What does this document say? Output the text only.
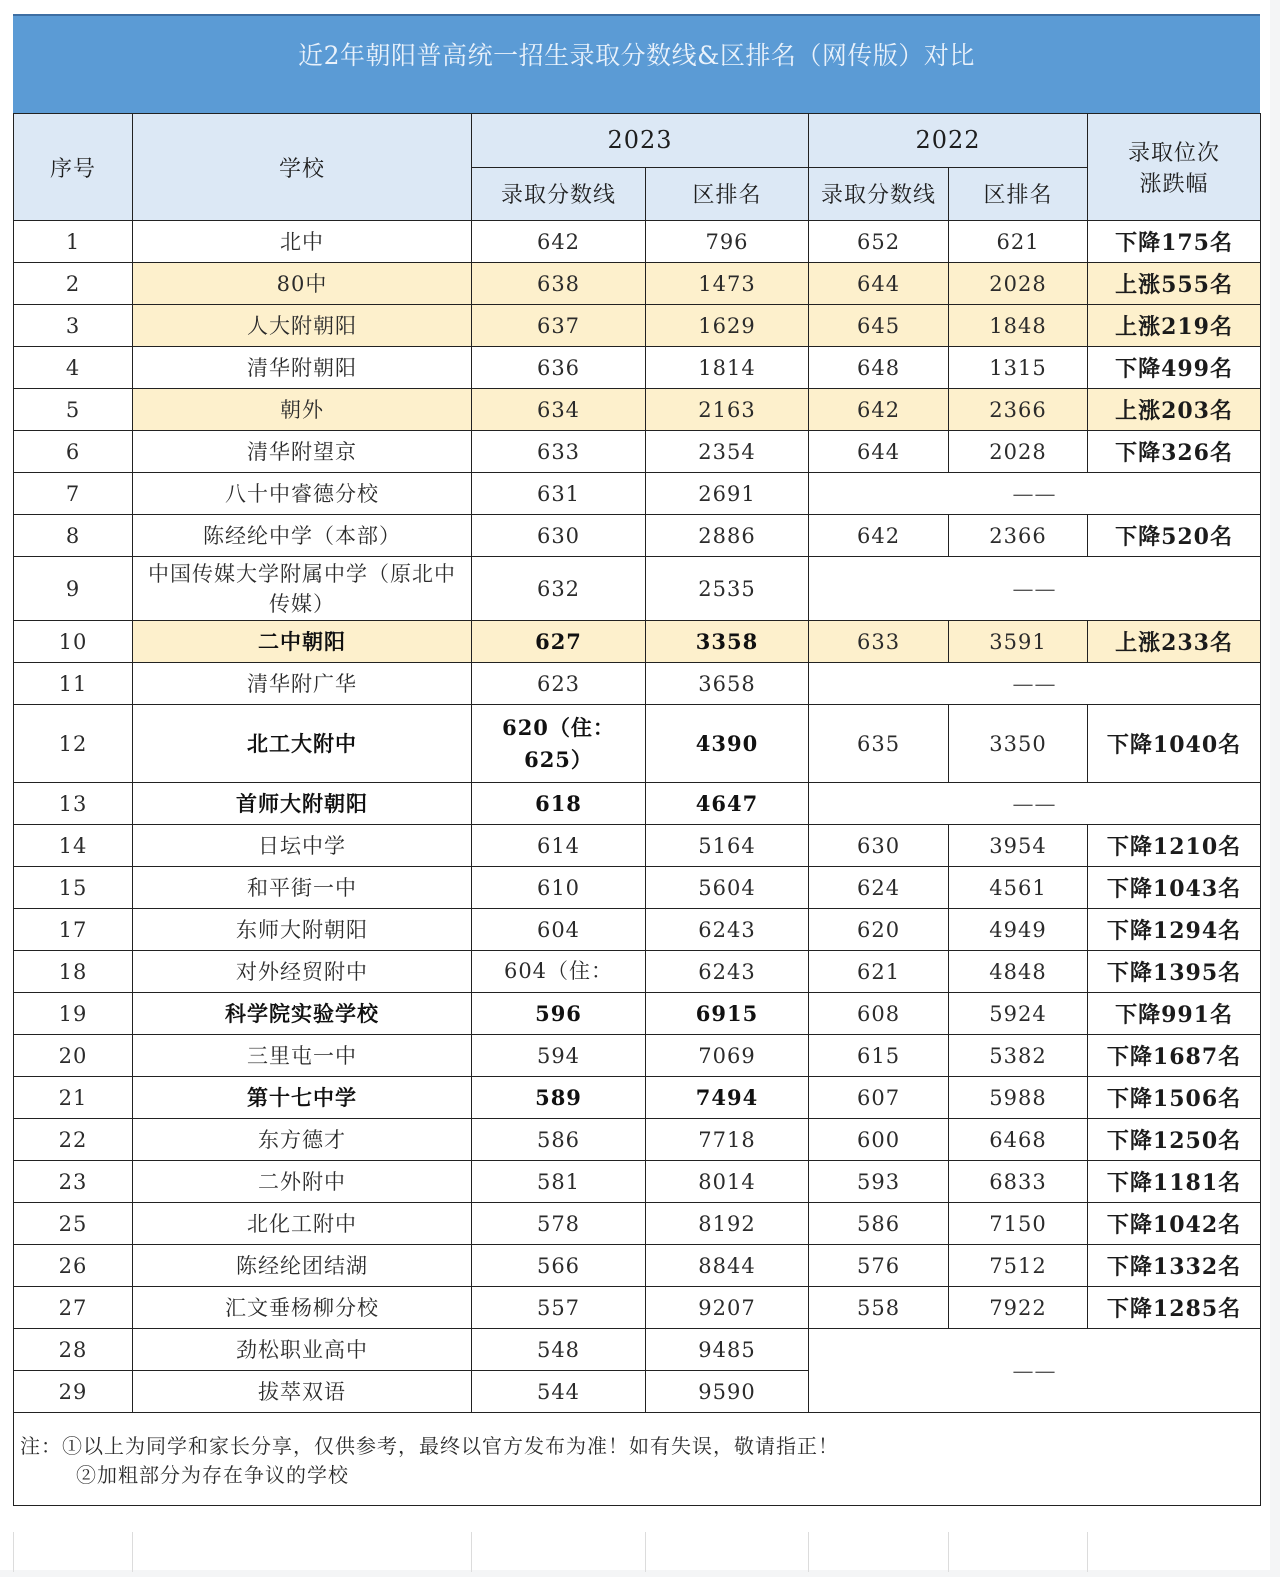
近2年朝阳普高统一招生录取分数线&区排名（网传版）对比
序号	学校	2023		2022		录取位次
涨跌幅

		录取分数线	区排名	录取分数线	区排名	
1	北中	642	796	652	621	下降175名
2	80中	638	1473	644	2028	上涨555名
3	人大附朝阳	637	1629	645	1848	上涨219名
4	清华附朝阳	636	1814	648	1315	下降499名
5	朝外	634	2163	642	2366	上涨203名
6	清华附望京	633	2354	644	2028	下降326名
7	八十中睿德分校	631	2691	——		
8	陈经纶中学（本部）	630	2886	642	2366	下降520名
9	中国传媒大学附属中学（原北中传媒）	632	2535	——		
10	二中朝阳	627	3358	633	3591	上涨233名
11	清华附广华	623	3658	——		
12	北工大附中	620（住：625）	4390	635	3350	下降1040名
13	首师大附朝阳	618	4647	——		
14	日坛中学	614	5164	630	3954	下降1210名
15	和平街一中	610	5604	624	4561	下降1043名
17	东师大附朝阳	604	6243	620	4949	下降1294名
18	对外经贸附中	604（住：	6243	621	4848	下降1395名
19	科学院实验学校	596	6915	608	5924	下降991名
20	三里屯一中	594	7069	615	5382	下降1687名
21	第十七中学	589	7494	607	5988	下降1506名
22	东方德才	586	7718	600	6468	下降1250名
23	二外附中	581	8014	593	6833	下降1181名
25	北化工附中	578	8192	586	7150	下降1042名
26	陈经纶团结湖	566	8844	576	7512	下降1332名
27	汇文垂杨柳分校	557	9207	558	7922	下降1285名
28	劲松职业高中	548	9485	——		
29	拔萃双语	544	9590			

注：①以上为同学和家长分享，仅供参考，最终以官方发布为准！如有失误，敬请指正！
②加粗部分为存在争议的学校						
